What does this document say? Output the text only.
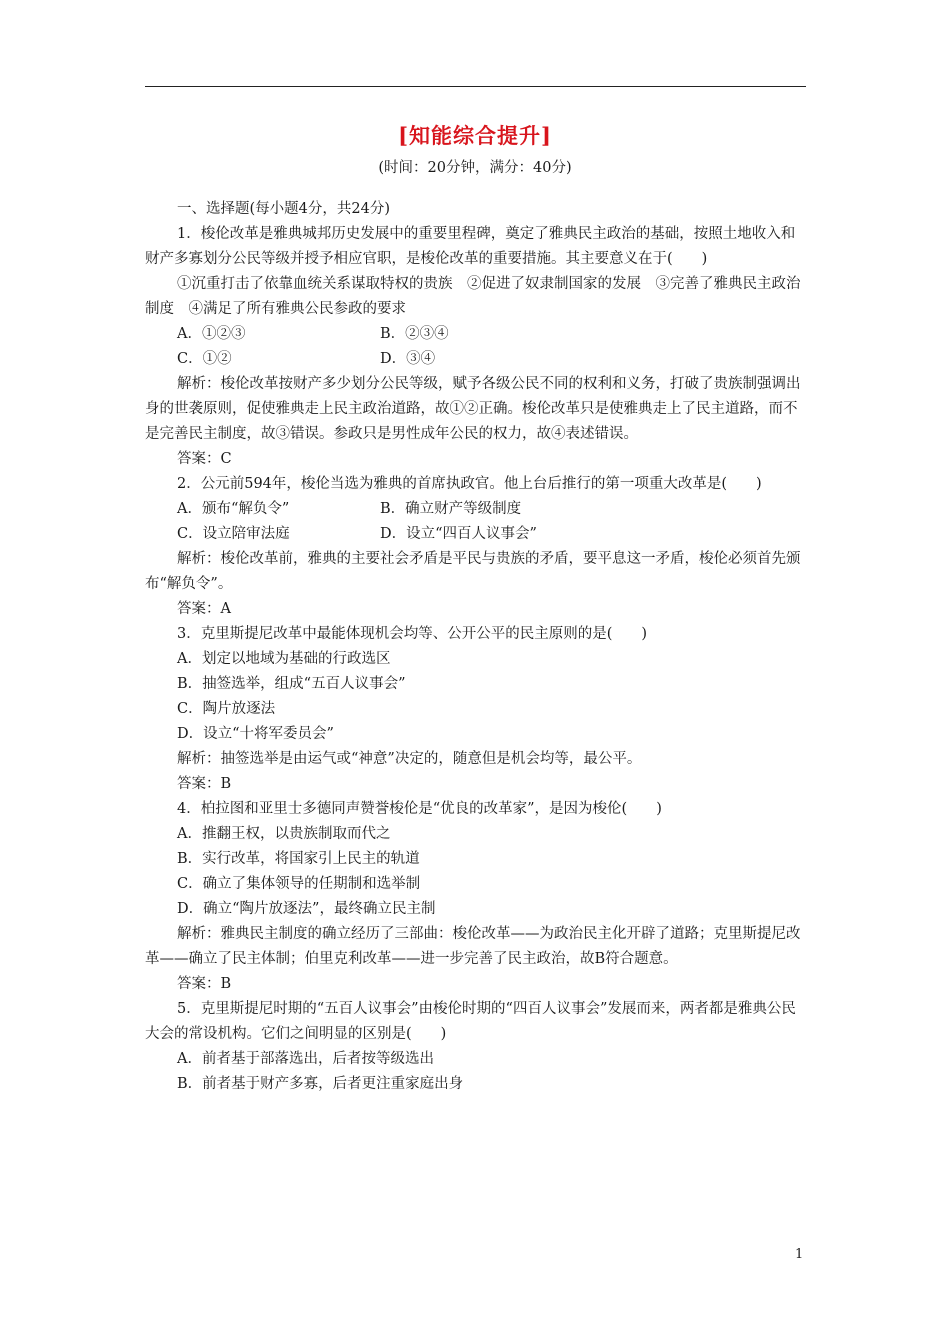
[知能综合提升]
(时间：20分钟，满分：40分)

一、选择题(每小题4分，共24分)

1．梭伦改革是雅典城邦历史发展中的重要里程碑，奠定了雅典民主政治的基础，按照土地收入和财产多寡划分公民等级并授予相应官职，是梭伦改革的重要措施。其主要意义在于(　　)

①沉重打击了依靠血统关系谋取特权的贵族　②促进了奴隶制国家的发展　③完善了雅典民主政治制度　④满足了所有雅典公民参政的要求

A．①②③	B．②③④
C．①②	D．③④

解析：梭伦改革按财产多少划分公民等级，赋予各级公民不同的权利和义务，打破了贵族制强调出身的世袭原则，促使雅典走上民主政治道路，故①②正确。梭伦改革只是使雅典走上了民主道路，而不是完善民主制度，故③错误。参政只是男性成年公民的权力，故④表述错误。

答案：C

2．公元前594年，梭伦当选为雅典的首席执政官。他上台后推行的第一项重大改革是(　　)

A．颁布“解负令”	B．确立财产等级制度
C．设立陪审法庭	D．设立“四百人议事会”

解析：梭伦改革前，雅典的主要社会矛盾是平民与贵族的矛盾，要平息这一矛盾，梭伦必须首先颁布“解负令”。

答案：A

3．克里斯提尼改革中最能体现机会均等、公开公平的民主原则的是(　　)

A．划定以地域为基础的行政选区

B．抽签选举，组成“五百人议事会”

C．陶片放逐法

D．设立“十将军委员会”

解析：抽签选举是由运气或“神意”决定的，随意但是机会均等，最公平。

答案：B

4．柏拉图和亚里士多德同声赞誉梭伦是“优良的改革家”，是因为梭伦(　　)

A．推翻王权，以贵族制取而代之

B．实行改革，将国家引上民主的轨道

C．确立了集体领导的任期制和选举制

D．确立“陶片放逐法”，最终确立民主制

解析：雅典民主制度的确立经历了三部曲：梭伦改革——为政治民主化开辟了道路；克里斯提尼改革——确立了民主体制；伯里克利改革——进一步完善了民主政治，故B符合题意。

答案：B

5．克里斯提尼时期的“五百人议事会”由梭伦时期的“四百人议事会”发展而来，两者都是雅典公民大会的常设机构。它们之间明显的区别是(　　)

A．前者基于部落选出，后者按等级选出

B．前者基于财产多寡，后者更注重家庭出身

1
